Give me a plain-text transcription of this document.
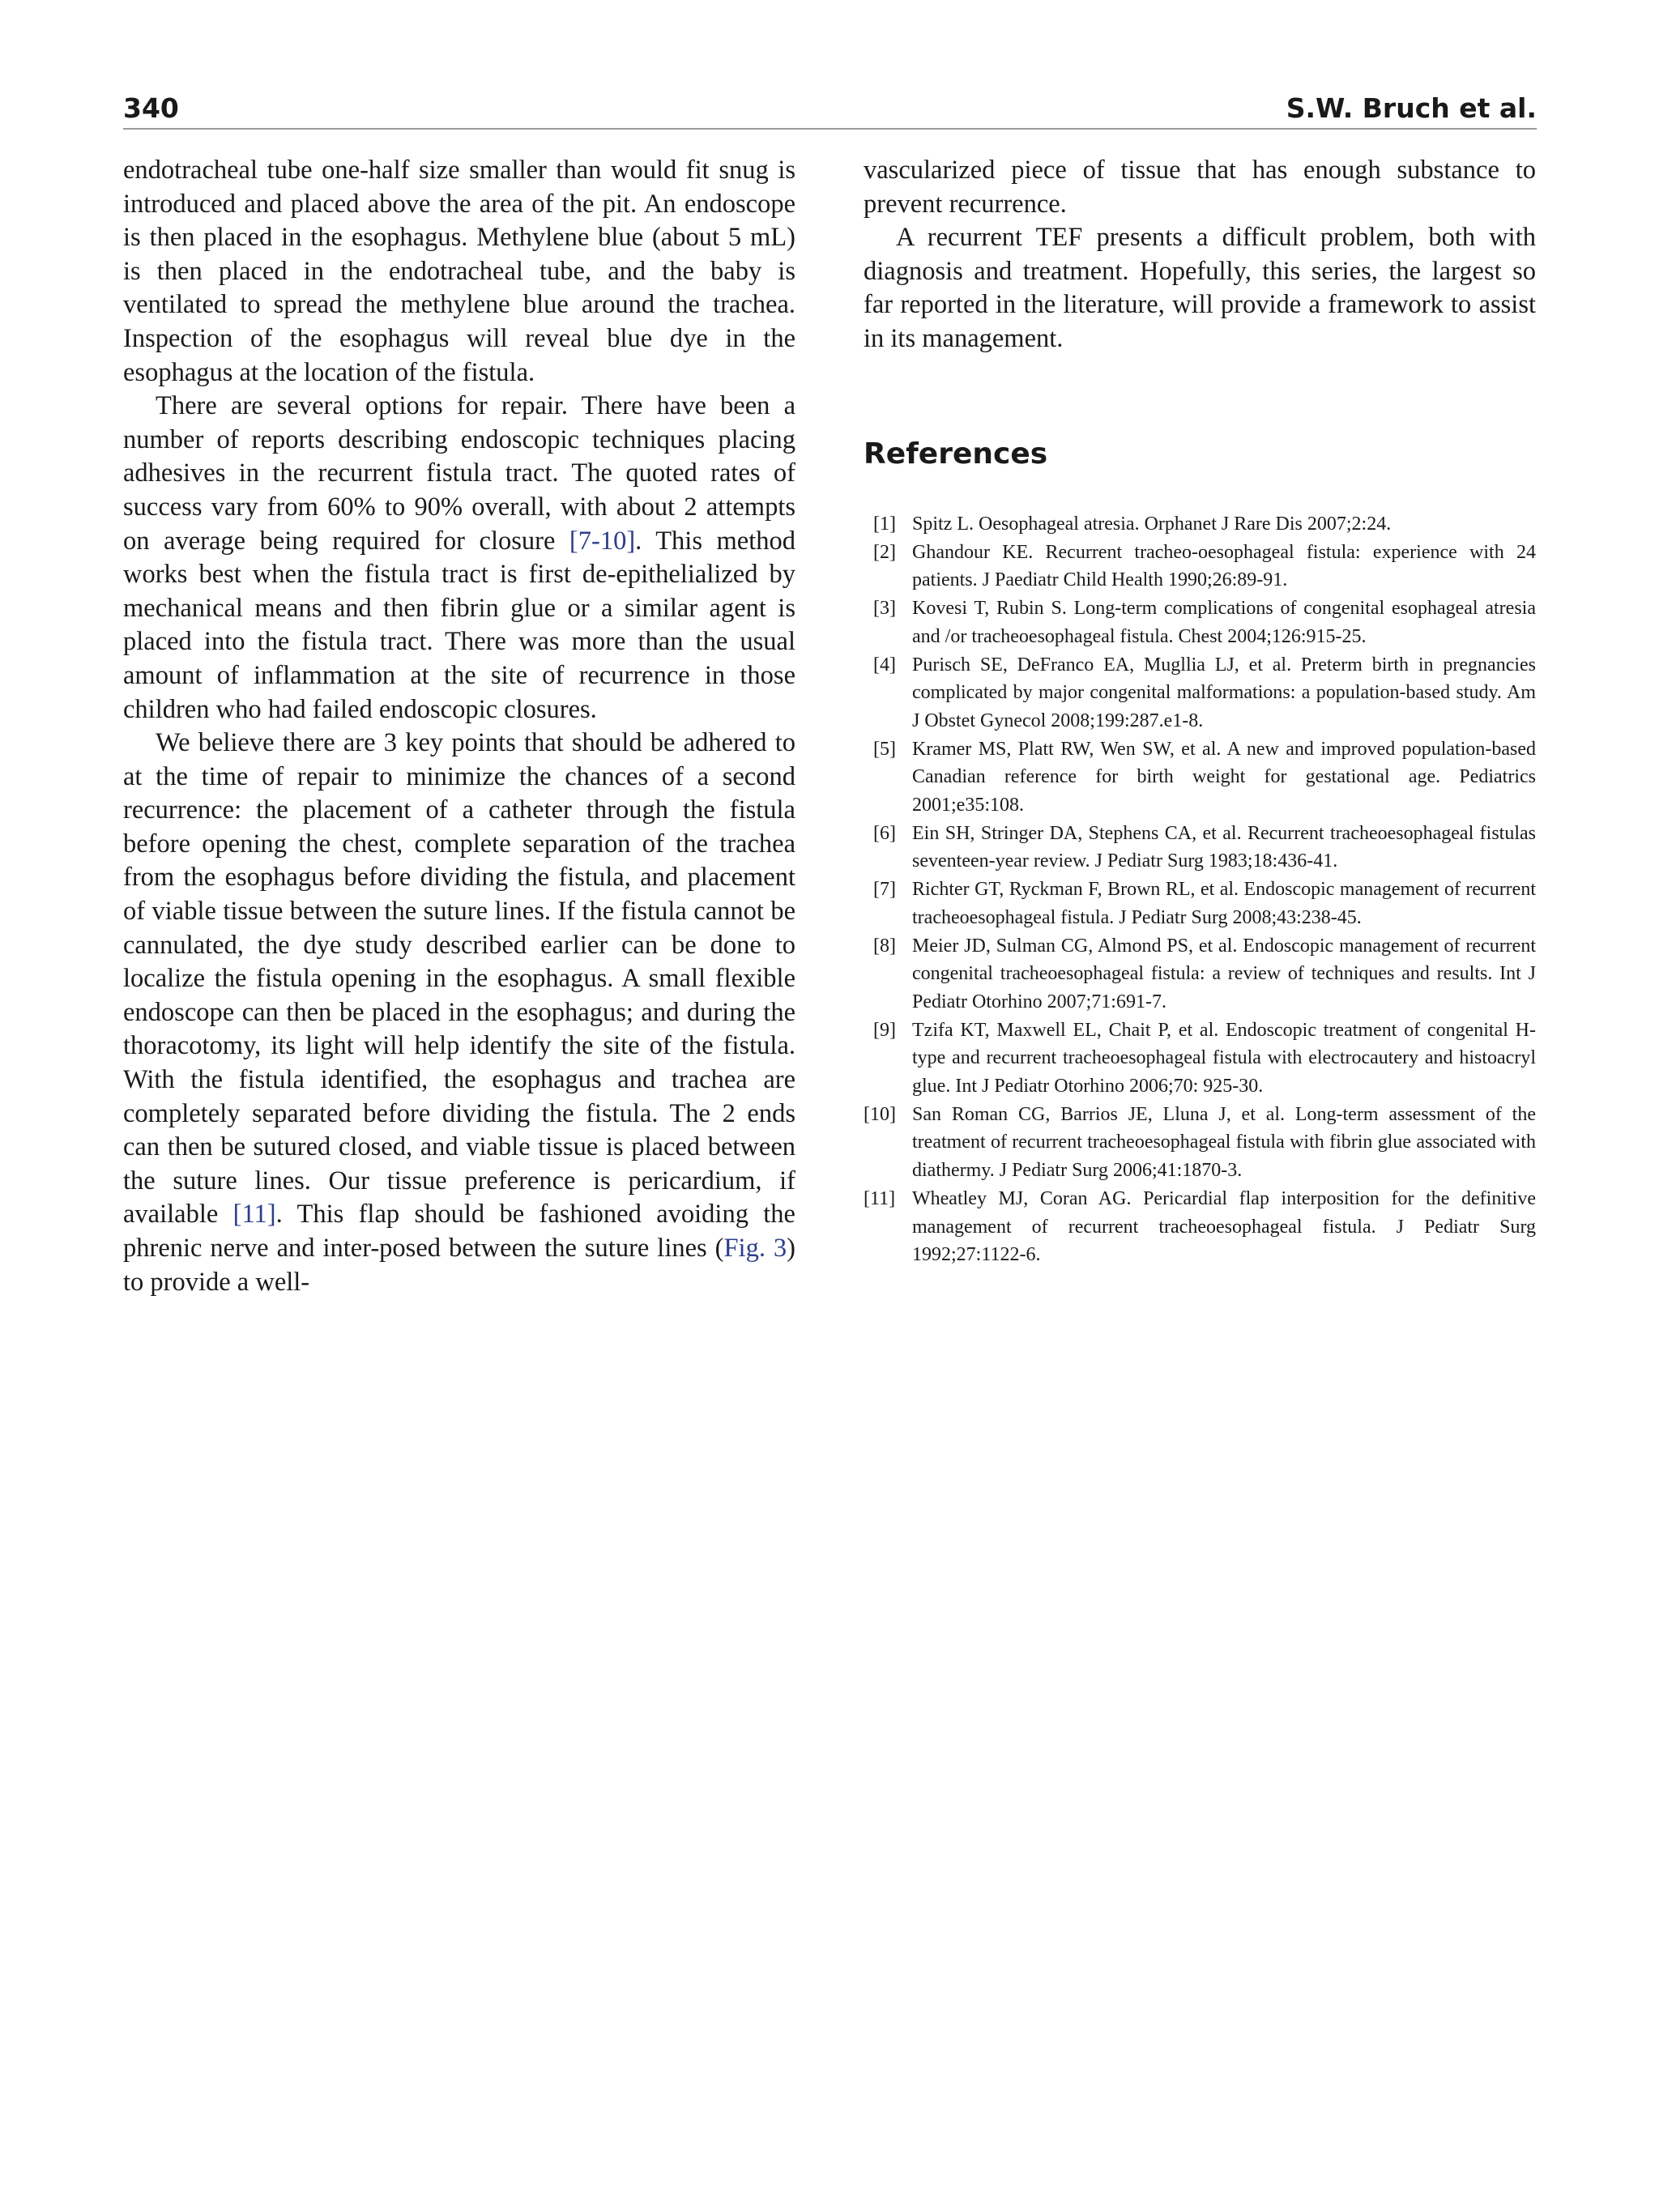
340	S.W. Bruch et al.

endotracheal tube one-half size smaller than would fit snug is introduced and placed above the area of the pit. An endoscope is then placed in the esophagus. Methylene blue (about 5 mL) is then placed in the endotracheal tube, and the baby is ventilated to spread the methylene blue around the trachea. Inspection of the esophagus will reveal blue dye in the esophagus at the location of the fistula.

There are several options for repair. There have been a number of reports describing endoscopic techniques placing adhesives in the recurrent fistula tract. The quoted rates of success vary from 60% to 90% overall, with about 2 attempts on average being required for closure [7-10]. This method works best when the fistula tract is first de-epithelialized by mechanical means and then fibrin glue or a similar agent is placed into the fistula tract. There was more than the usual amount of inflammation at the site of recurrence in those children who had failed endoscopic closures.

We believe there are 3 key points that should be adhered to at the time of repair to minimize the chances of a second recurrence: the placement of a catheter through the fistula before opening the chest, complete separation of the trachea from the esophagus before dividing the fistula, and placement of viable tissue between the suture lines. If the fistula cannot be cannulated, the dye study described earlier can be done to localize the fistula opening in the esophagus. A small flexible endoscope can then be placed in the esophagus; and during the thoracotomy, its light will help identify the site of the fistula. With the fistula identified, the esophagus and trachea are completely separated before dividing the fistula. The 2 ends can then be sutured closed, and viable tissue is placed between the suture lines. Our tissue preference is pericardium, if available [11]. This flap should be fashioned avoiding the phrenic nerve and inter-posed between the suture lines (Fig. 3) to provide a well-

vascularized piece of tissue that has enough substance to prevent recurrence.

A recurrent TEF presents a difficult problem, both with diagnosis and treatment. Hopefully, this series, the largest so far reported in the literature, will provide a framework to assist in its management.

References
[1] Spitz L. Oesophageal atresia. Orphanet J Rare Dis 2007;2:24.
[2] Ghandour KE. Recurrent tracheo-oesophageal fistula: experience with 24 patients. J Paediatr Child Health 1990;26:89-91.
[3] Kovesi T, Rubin S. Long-term complications of congenital esophageal atresia and /or tracheoesophageal fistula. Chest 2004;126:915-25.
[4] Purisch SE, DeFranco EA, Mugllia LJ, et al. Preterm birth in pregnancies complicated by major congenital malformations: a population-based study. Am J Obstet Gynecol 2008;199:287.e1-8.
[5] Kramer MS, Platt RW, Wen SW, et al. A new and improved population-based Canadian reference for birth weight for gestational age. Pediatrics 2001;e35:108.
[6] Ein SH, Stringer DA, Stephens CA, et al. Recurrent tracheoesophageal fistulas seventeen-year review. J Pediatr Surg 1983;18:436-41.
[7] Richter GT, Ryckman F, Brown RL, et al. Endoscopic management of recurrent tracheoesophageal fistula. J Pediatr Surg 2008;43:238-45.
[8] Meier JD, Sulman CG, Almond PS, et al. Endoscopic management of recurrent congenital tracheoesophageal fistula: a review of techniques and results. Int J Pediatr Otorhino 2007;71:691-7.
[9] Tzifa KT, Maxwell EL, Chait P, et al. Endoscopic treatment of congenital H-type and recurrent tracheoesophageal fistula with electrocautery and histoacryl glue. Int J Pediatr Otorhino 2006;70: 925-30.
[10] San Roman CG, Barrios JE, Lluna J, et al. Long-term assessment of the treatment of recurrent tracheoesophageal fistula with fibrin glue associated with diathermy. J Pediatr Surg 2006;41:1870-3.
[11] Wheatley MJ, Coran AG. Pericardial flap interposition for the definitive management of recurrent tracheoesophageal fistula. J Pediatr Surg 1992;27:1122-6.
